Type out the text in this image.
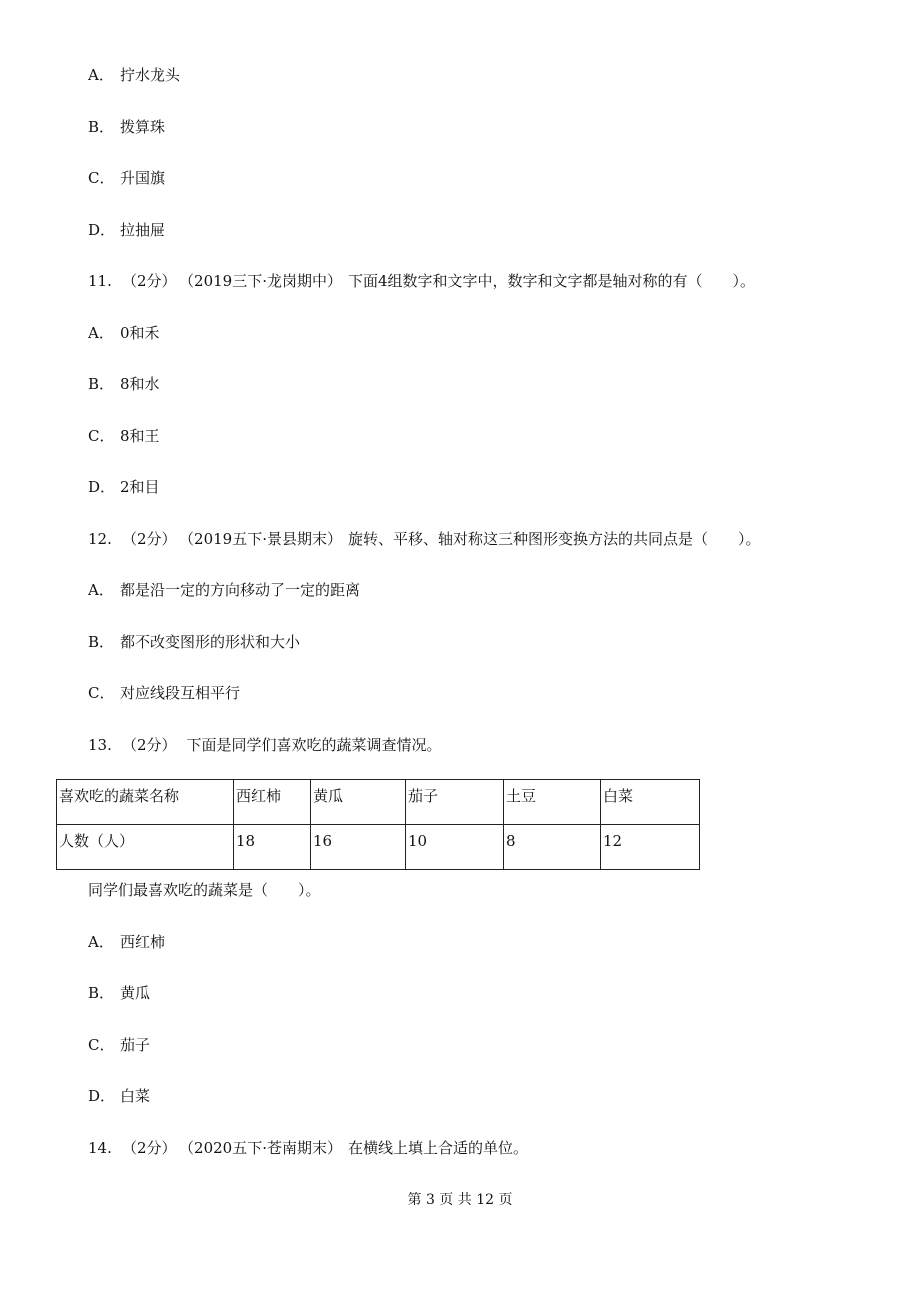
A． 拧水龙头
B． 拨算珠
C． 升国旗
D． 拉抽屉
11. （2分） （2019三下·龙岗期中） 下面4组数字和文字中，数字和文字都是轴对称的有（　　）。
A． 0和禾
B． 8和水
C． 8和王
D． 2和目
12. （2分） （2019五下·景县期末） 旋转、平移、轴对称这三种图形变换方法的共同点是（　　）。
A． 都是沿一定的方向移动了一定的距离
B． 都不改变图形的形状和大小
C． 对应线段互相平行
13. （2分） 下面是同学们喜欢吃的蔬菜调查情况。
喜欢吃的蔬菜名称	西红柿	黄瓜	茄子	土豆	白菜
人数（人）	18	16	10	8	12
同学们最喜欢吃的蔬菜是（　　）。
A． 西红柿
B． 黄瓜
C． 茄子
D． 白菜
14. （2分） （2020五下·苍南期末） 在横线上填上合适的单位。
第 3 页 共 12 页
